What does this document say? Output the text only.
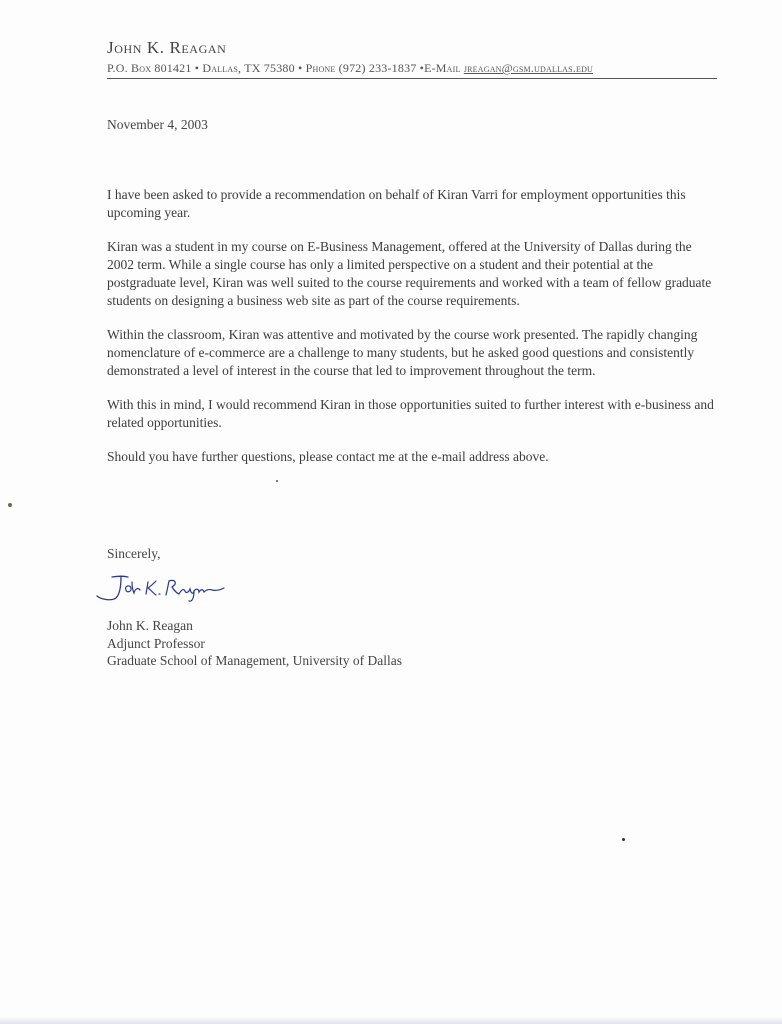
John K. Reagan
P.O. Box 801421 • Dallas, TX 75380 • Phone (972) 233-1837 •E-Mail jreagan@gsm.udallas.edu
November 4, 2003

I have been asked to provide a recommendation on behalf of Kiran Varri for employment opportunities this upcoming year.

Kiran was a student in my course on E-Business Management, offered at the University of Dallas during the 2002 term. While a single course has only a limited perspective on a student and their potential at the postgraduate level, Kiran was well suited to the course requirements and worked with a team of fellow graduate students on designing a business web site as part of the course requirements.

Within the classroom, Kiran was attentive and motivated by the course work presented. The rapidly changing nomenclature of e-commerce are a challenge to many students, but he asked good questions and consistently demonstrated a level of interest in the course that led to improvement throughout the term.

With this in mind, I would recommend Kiran in those opportunities suited to further interest with e-business and related opportunities.

Should you have further questions, please contact me at the e-mail address above.

Sincerely,
John K. Reagan
Adjunct Professor
Graduate School of Management, University of Dallas
